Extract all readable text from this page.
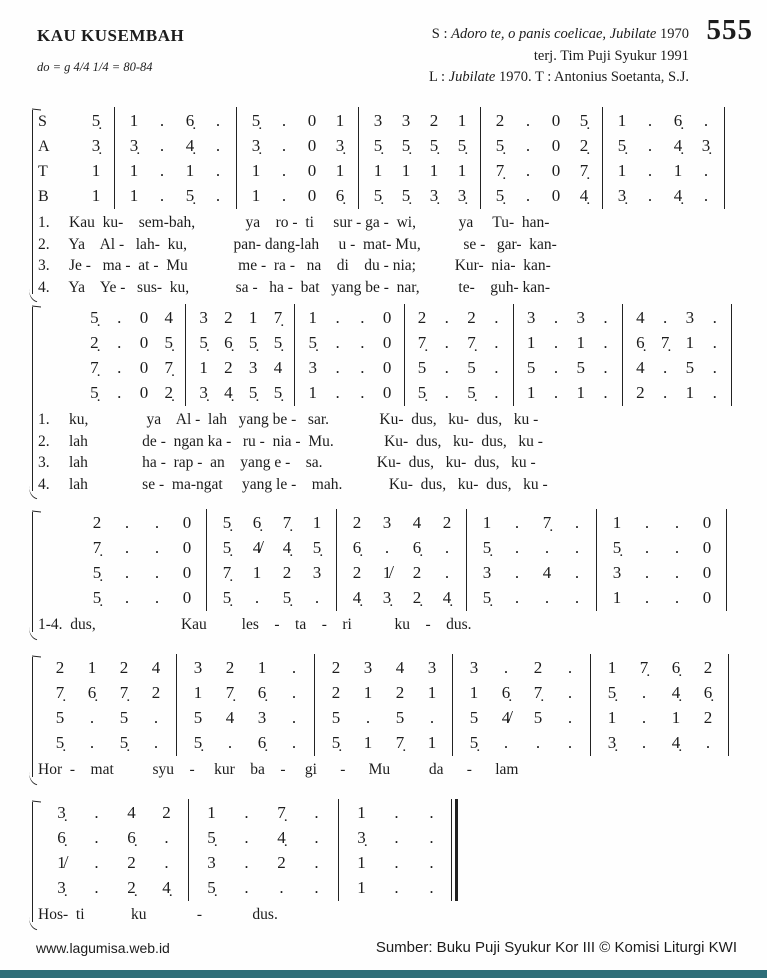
KAU KUSEMBAH
do = g 4/4 1/4 = 80-84
S : Adoro te, o panis coelicae, Jubilate 1970
terj. Tim Puji Syukur 1991
L : Jubilate 1970. T : Antonius Soetanta, S.J.
555
S	5̣ 1 . 6̣ . 5̣ . 0 1 3 3 2 1 2 . 0 5̣ 1 . 6̣ .
A 3̣ 3̣ . 4̣ . 3̣ . 0 3̣ 5̣ 5̣ 5̣ 5̣ 5̣ . 0 2̣ 5̣ . 4̣ 3̣
T	1 1 . 1 . 1 . 0 1 1 1 1 1 7̣ . 0 7̣ 1 . 1 .
B	1 1 . 5̣ . 1 . 0 6̣ 5̣ 5̣ 3̣ 3̣ 5̣ . 0 4̣ 3̣ . 4̣ .
1.     Kau  ku-    sem-bah,             ya    ro -  ti     sur - ga -  wi,           ya     Tu-  han-
2.     Ya    Al -   lah-  ku,            pan- dang-lah     u -  mat- Mu,           se -   gar-  kan-
3.     Je -   ma -  at -  Mu             me -  ra -   na    di    du - nia;          Kur-  nia-  kan-
4.     Ya    Ye -   sus-  ku,            sa -   ha -  bat   yang be -  nar,          te-    guh- kan-
5̣ . 0 4 3 2 1 7̣ 1 . . 0 2 . 2 . 3 . 3 . 4 . 3 .
2̣ . 0 5̣ 5̣ 6̣ 5̣ 5̣ 5̣ . . 0 7̣ . 7̣ . 1 . 1 . 6̣ 7̣ 1 .
7̣ . 0 7̣ 1 2 3 4 3 . . 0 5 . 5 . 5 . 5 . 4 . 5 .
5̣ . 0 2̣ 3̣ 4̣ 5̣ 5̣ 1 . . 0 5̣ . 5̣ . 1 . 1 . 2 . 1 .
1.     ku,               ya    Al -  lah   yang be -   sar.             Ku-  dus,   ku-  dus,   ku -
2.     lah              de -  ngan ka -   ru -  nia -  Mu.             Ku-  dus,   ku-  dus,   ku -
3.     lah              ha -  rap -  an    yang e -    sa.              Ku-  dus,   ku-  dus,   ku -
4.     lah              se -  ma-ngat     yang le -    mah.            Ku-  dus,   ku-  dus,   ku -
2 . . 0 5̣ 6̣ 7̣ 1 2 3 4 2 1 . 7̣ . 1 . . 0
7̣ . . 0 5̣ 4̸ 4̣ 5̣ 6̣ . 6̣ . 5̣ . . . 5̣ . . 0
5̣ . . 0 7̣ 1 2 3 2 1̸ 2 . 3 . 4 . 3 . . 0
5̣ . . 0 5̣ . 5̣ . 4̣ 3̣ 2̣ 4̣ 5̣ . . . 1 . . 0
1-4.  dus,                      Kau         les    -    ta    -    ri           ku    -    dus.
2 1 2 4 3 2 1 . 2 3 4 3 3 . 2 . 1 7̣ 6̣ 2
7̣ 6̣ 7̣ 2 1 7̣ 6̣ . 2 1 2 1 1 6̣ 7̣ . 5̣ . 4̣ 6̣
5 . 5 . 5 4 3 . 5 . 5 . 5 4̸ 5 . 1 . 1 2
5̣ . 5̣ . 5̣ . 6̣ . 5̣ 1 7̣ 1 5̣ . . . 3̣ . 4̣ .
Hor  -    mat          syu    -     kur    ba    -     gi      -      Mu          da      -      lam
3̣ . 4 2 1 . 7̣ . 1 . .
6̣ . 6̣ . 5̣ . 4̣ . 3̣ . .
1̸ . 2 . 3 . 2 . 1 . .
3̣ . 2̣ 4̣ 5̣ . . . 1 . .
Hos-  ti            ku             -             dus.
www.lagumisa.web.id	Sumber: Buku Puji Syukur Kor III © Komisi Liturgi KWI
